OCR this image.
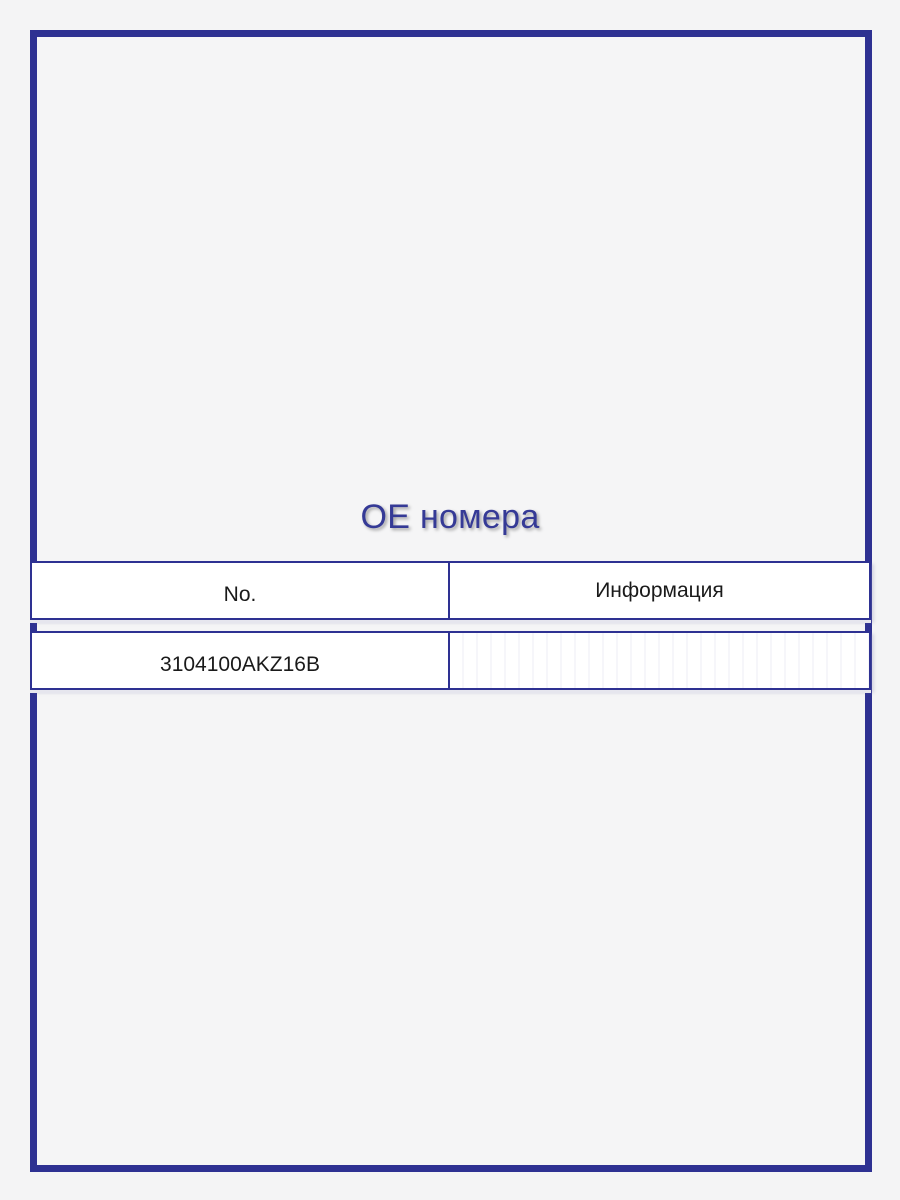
OE номера
No.	Информация
3104100AKZ16B
